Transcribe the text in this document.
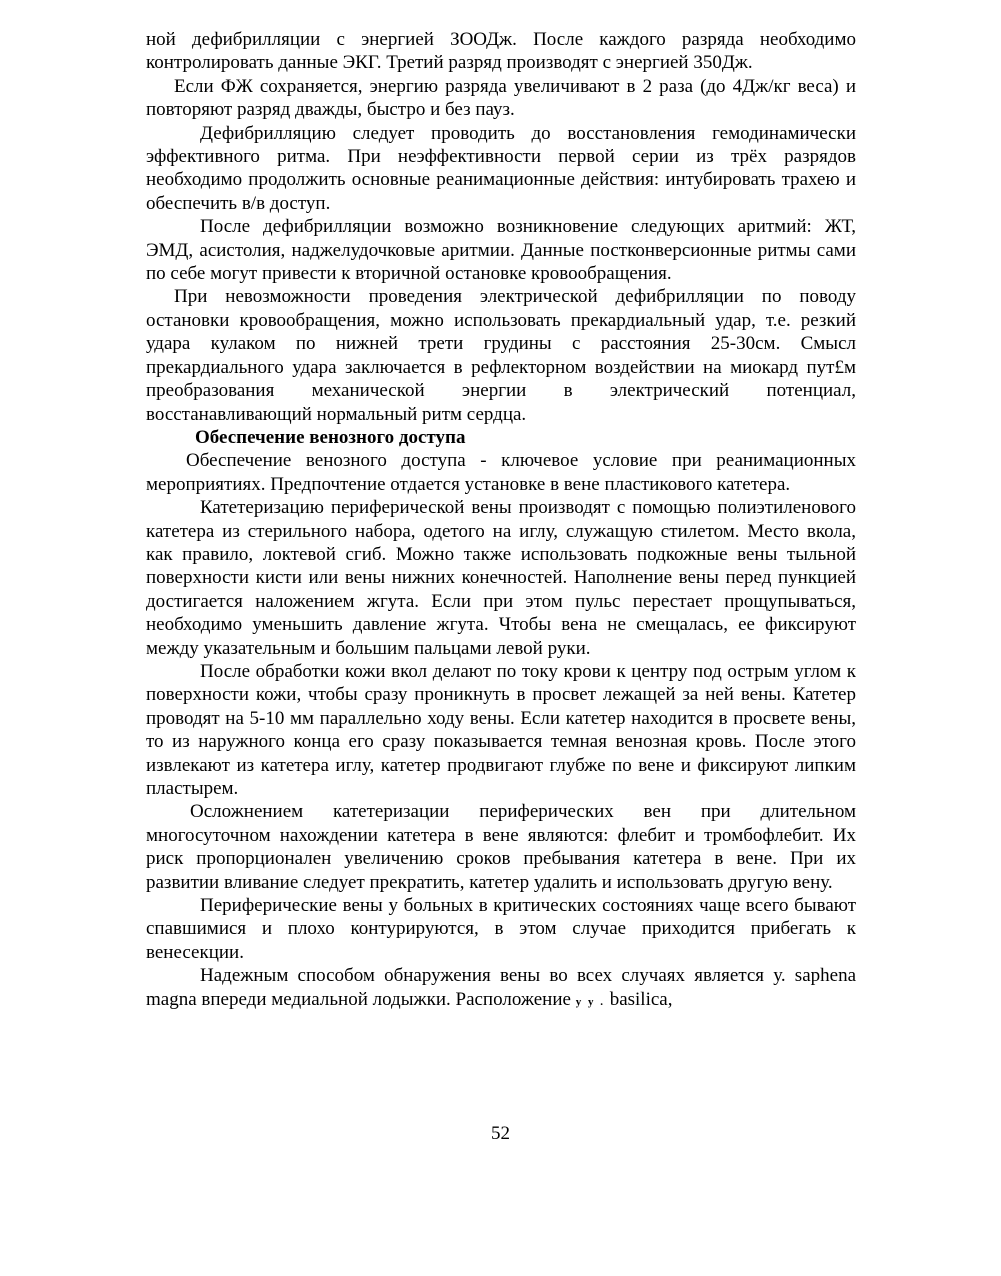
ной дефибрилляции с энергией ЗООДж. После каждого разряда необходимо контролировать данные ЭКГ. Третий разряд производят с энергией 350Дж.

Если ФЖ сохраняется, энергию разряда увеличивают в 2 раза (до 4Дж/кг веса) и повторяют разряд дважды, быстро и без пауз.

Дефибрилляцию следует проводить до восстановления гемодинамически эффективного ритма. При неэффективности первой серии из трёх разрядов необходимо продолжить основные реанимационные действия: интубировать трахею и обеспечить в/в доступ.

После дефибрилляции возможно возникновение следующих аритмий: ЖТ, ЭМД, асистолия, наджелудочковые аритмии. Данные постконверсионные ритмы сами по себе могут привести к вторичной остановке кровообращения.

При невозможности проведения электрической дефибрилляции по поводу остановки кровообращения, можно использовать прекардиальный удар, т.е. резкий удара кулаком по нижней трети грудины с расстояния 25-30см. Смысл прекардиального удара заключается в рефлекторном воздействии на миокард пут£м преобразования механической энергии в электрический потенциал, восстанавливающий нормальный ритм сердца.

Обеспечение венозного доступа

Обеспечение венозного доступа - ключевое условие при реанимационных мероприятиях. Предпочтение отдается установке в вене пластикового катетера.

Катетеризацию периферической вены производят с помощью полиэтиленового катетера из стерильного набора, одетого на иглу, служащую стилетом. Место вкола, как правило, локтевой сгиб. Можно также использовать подкожные вены тыльной поверхности кисти или вены нижних конечностей. Наполнение вены перед пункцией достигается наложением жгута. Если при этом пульс перестает прощупываться, необходимо уменьшить давление жгута. Чтобы вена не смещалась, ее фиксируют между указательным и большим пальцами левой руки.

После обработки кожи вкол делают по току крови к центру под острым углом к поверхности кожи, чтобы сразу проникнуть в просвет лежащей за ней вены. Катетер проводят на 5-10 мм параллельно ходу вены. Если катетер находится в просвете вены, то из наружного конца его сразу показывается темная венозная кровь. После этого извлекают из катетера иглу, катетер продвигают глубже по вене и фиксируют липким пластырем.

Осложнением катетеризации периферических вен при длительном многосуточном нахождении катетера в вене являются: флебит и тромбофлебит. Их риск пропорционален увеличению сроков пребывания катетера в вене. При их развитии вливание следует прекратить, катетер удалить и использовать другую вену.

Периферические вены у больных в критических состояниях чаще всего бывают спавшимися и плохо контурируются, в этом случае приходится прибегать к венесекции.

Надежным способом обнаружения вены во всех случаях является у. saphena magna впереди медиальной лодыжки. Расположение у у . basilica,

52
